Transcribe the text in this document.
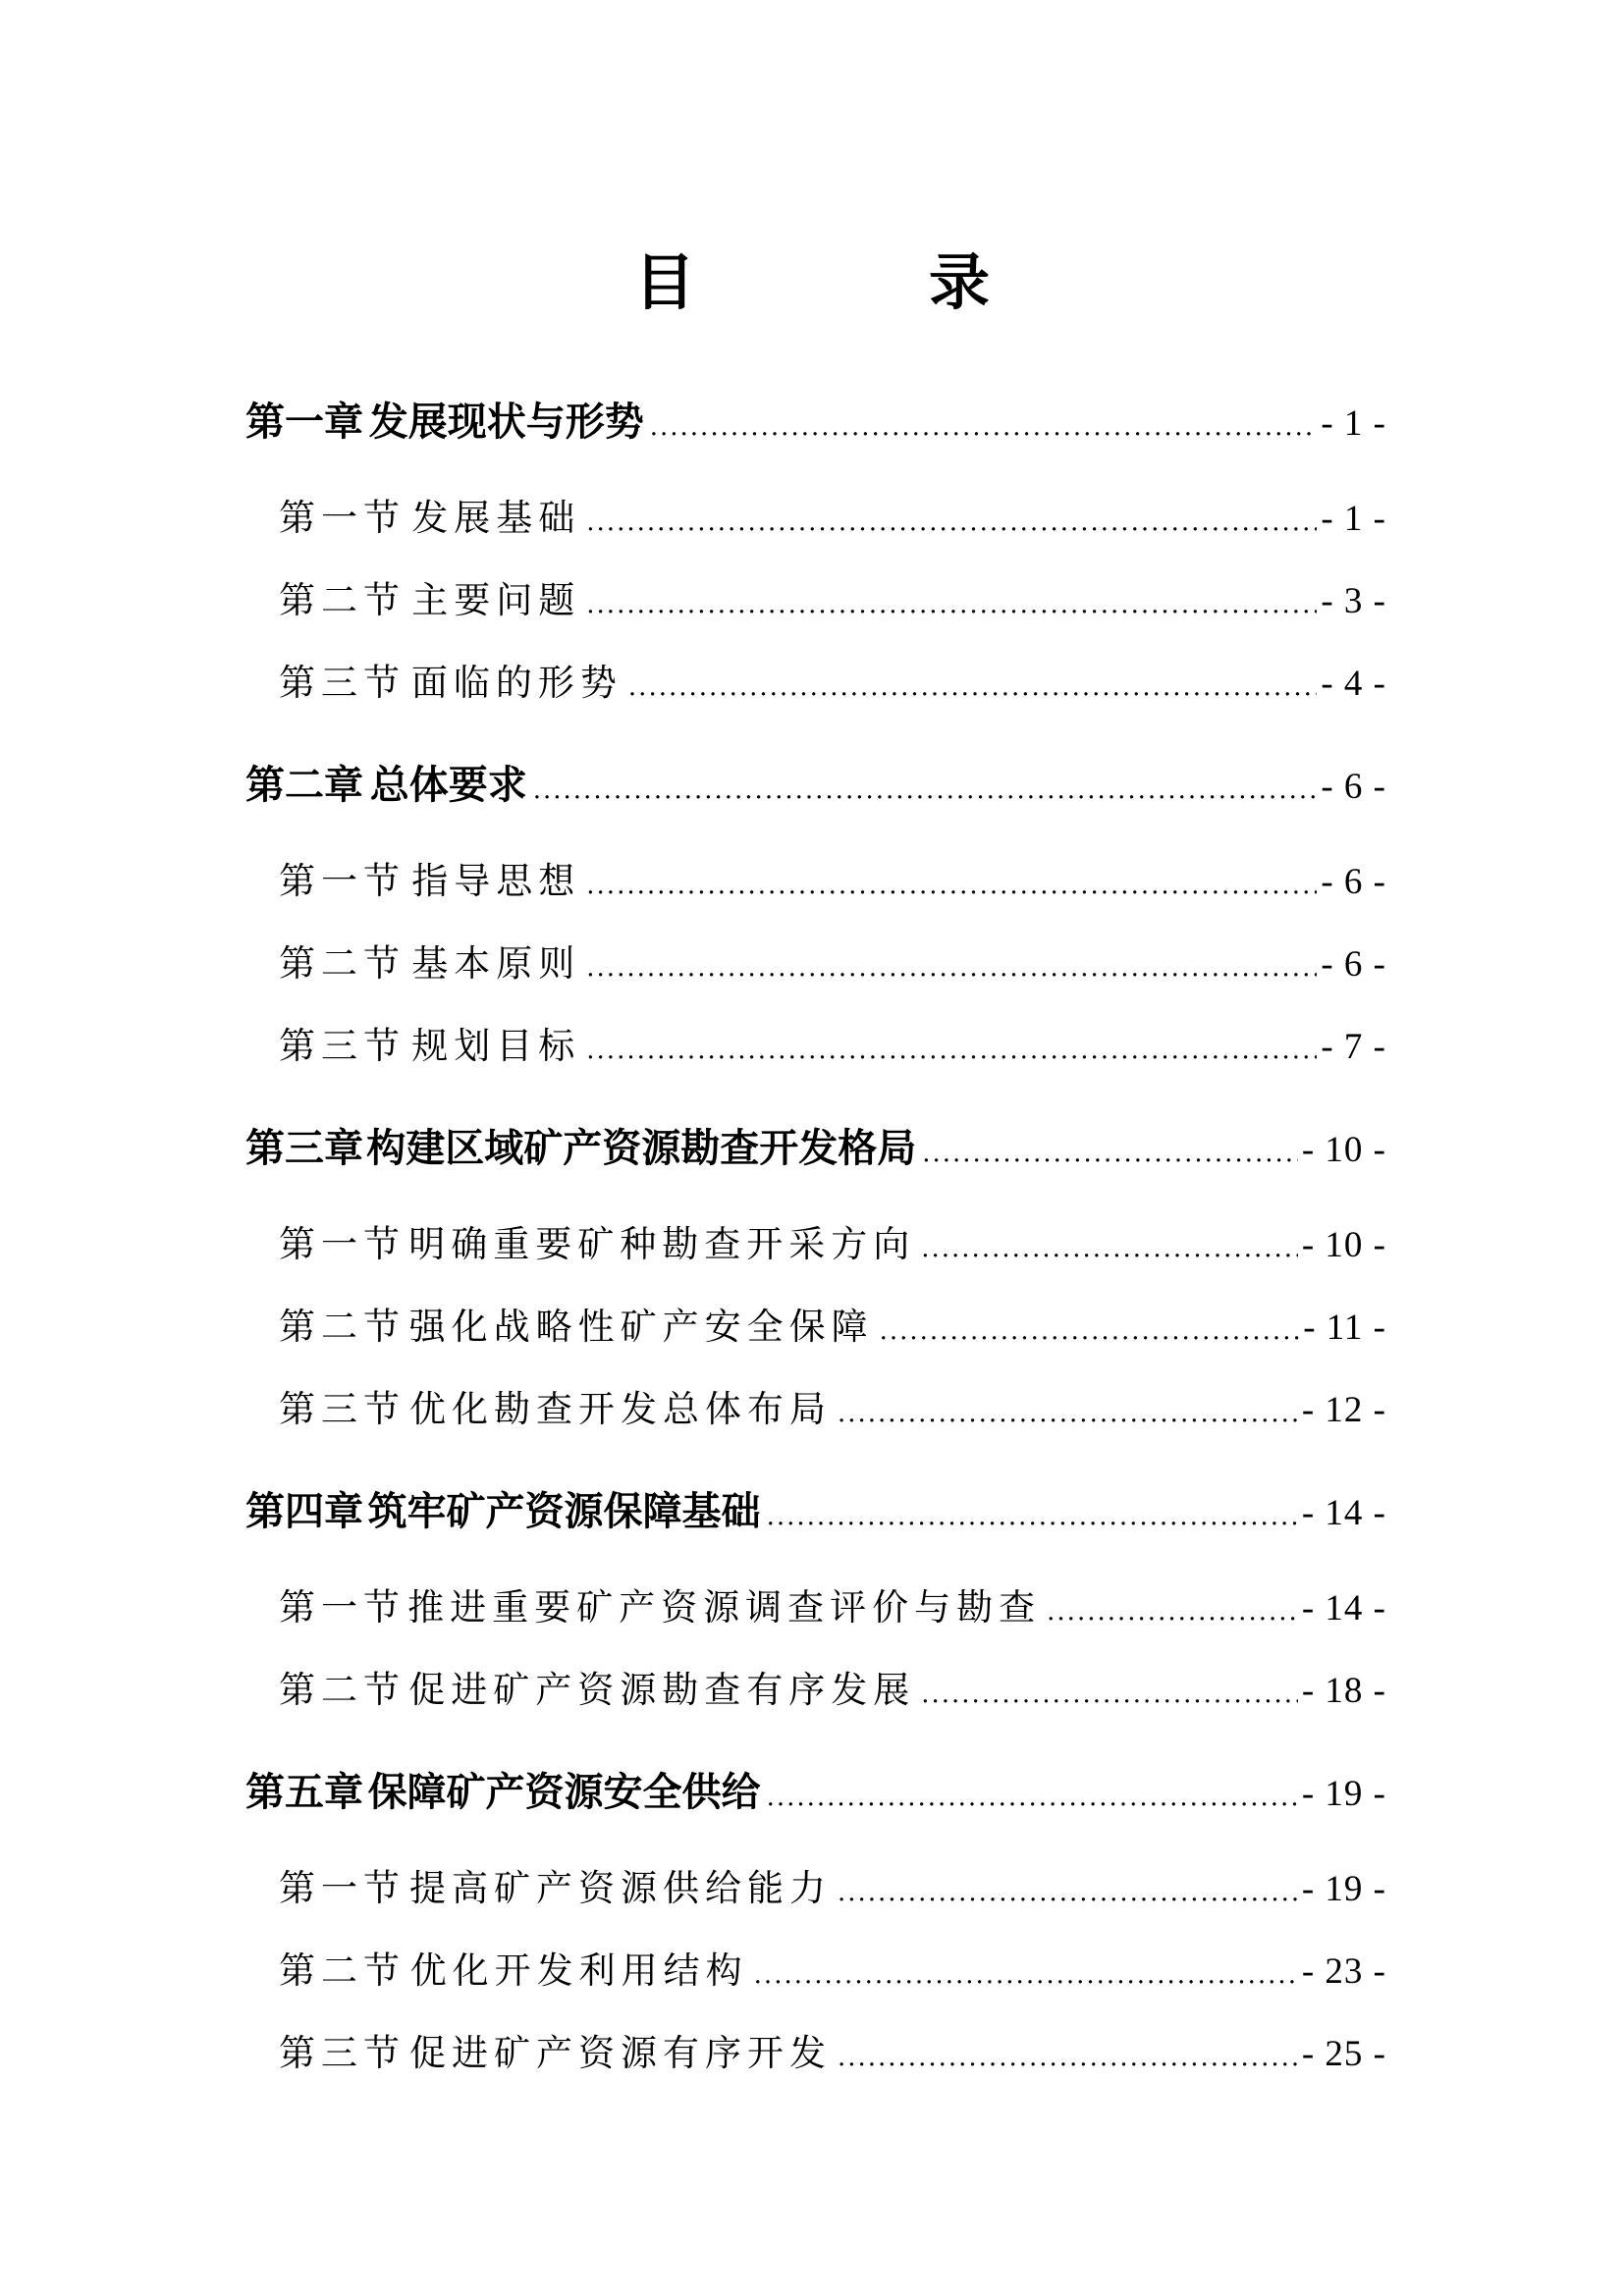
目　录
第一章 发展现状与形势 .....	- 1 -
第一节 发展基础 .....	- 1 -
第二节 主要问题 .....	- 3 -
第三节 面临的形势 .....	- 4 -
第二章 总体要求 .....	- 6 -
第一节 指导思想 .....	- 6 -
第二节 基本原则 .....	- 6 -
第三节 规划目标 .....	- 7 -
第三章 构建区域矿产资源勘查开发格局 .....	- 10 -
第一节 明确重要矿种勘查开采方向 .....	- 10 -
第二节 强化战略性矿产安全保障 .....	- 11 -
第三节 优化勘查开发总体布局 .....	- 12 -
第四章 筑牢矿产资源保障基础 .....	- 14 -
第一节 推进重要矿产资源调查评价与勘查 .....	- 14 -
第二节 促进矿产资源勘查有序发展 .....	- 18 -
第五章 保障矿产资源安全供给 .....	- 19 -
第一节 提高矿产资源供给能力 .....	- 19 -
第二节 优化开发利用结构 .....	- 23 -
第三节 促进矿产资源有序开发 .....	- 25 -
